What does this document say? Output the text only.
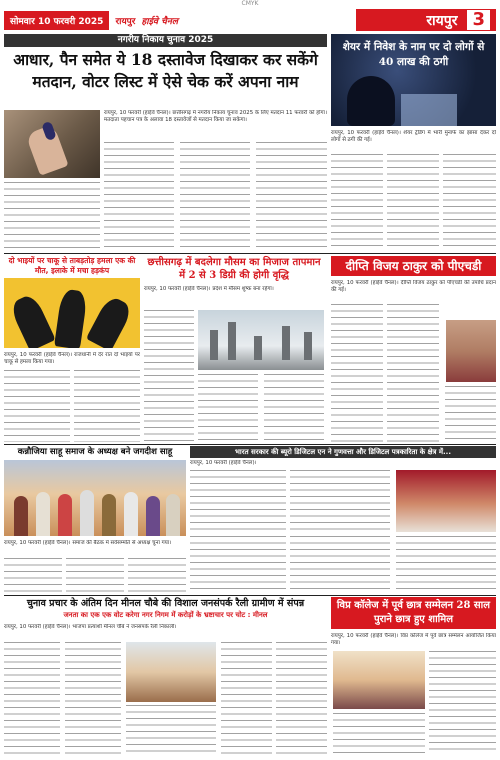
CMYK
सोमवार 10 फरवरी 2025	रायपुर हाईवे चैनल	रायपुर 3
नगरीय निकाय चुनाव 2025
आधार, पैन समेत ये 18 दस्तावेज दिखाकर कर सकेंगे
मतदान, वोटर लिस्ट में ऐसे चेक करें अपना नाम
रायपुर, 10 फरवरी (हाईवे चैनल)। छत्तीसगढ़ में नगरीय निकाय चुनाव 2025 के लिए मतदान 11 फरवरी को होगा। मतदाता पहचान पत्र के अलावा 18 दस्तावेजों से मतदान किया जा सकेगा।
शेयर में निवेश के नाम पर दो लोगों से 40 लाख की ठगी
रायपुर, 10 फरवरी (हाईवे चैनल)। शेयर ट्रेडिंग में भारी मुनाफे का झांसा देकर दो लोगों से ठगी की गई।
दो भाइयों पर चाकू से ताबड़तोड़ हमला एक की मौत, इलाके में मचा हड़कंप
रायपुर, 10 फरवरी (हाईवे चैनल)। राजधानी में देर रात दो भाइयों पर चाकू से हमला किया गया।
छत्तीसगढ़ में बदलेगा मौसम का मिजाज तापमान में 2 से 3 डिग्री की होगी वृद्धि
रायपुर, 10 फरवरी (हाईवे चैनल)। प्रदेश में मौसम शुष्क बना रहेगा।
दीप्ति विजय ठाकुर को पीएचडी
रायपुर, 10 फरवरी (हाईवे चैनल)। दीप्ति विजय ठाकुर को पीएचडी की उपाधि प्रदान की गई।
कन्नौजिया साहू समाज के अध्यक्ष बने जगदीश साहू
रायपुर, 10 फरवरी (हाईवे चैनल)। समाज की बैठक में सर्वसम्मति से अध्यक्ष चुना गया।
भारत सरकार की ब्यूरो डिजिटल एन ने गुणवत्ता और डिजिटल पत्रकारिता के क्षेत्र में...
रायपुर, 10 फरवरी (हाईवे चैनल)।
चुनाव प्रचार के अंतिम दिन मीनल चौबे की विशाल जनसंपर्क रैली ग्रामीण में संपन्न
जनता का एक एक वोट करेगा नगर निगम में करोड़ों के भ्रष्टाचार पर चोट : मीनल
रायपुर, 10 फरवरी (हाईवे चैनल)। भाजपा प्रत्याशी मीनल चौबे ने जनसंपर्क रैली निकाली।
विप्र कॉलेज में पूर्व छात्र सम्मेलन 28 साल पुराने छात्र हुए शामिल
रायपुर, 10 फरवरी (हाईवे चैनल)। विप्र कॉलेज में पूर्व छात्र सम्मेलन आयोजित किया गया।
